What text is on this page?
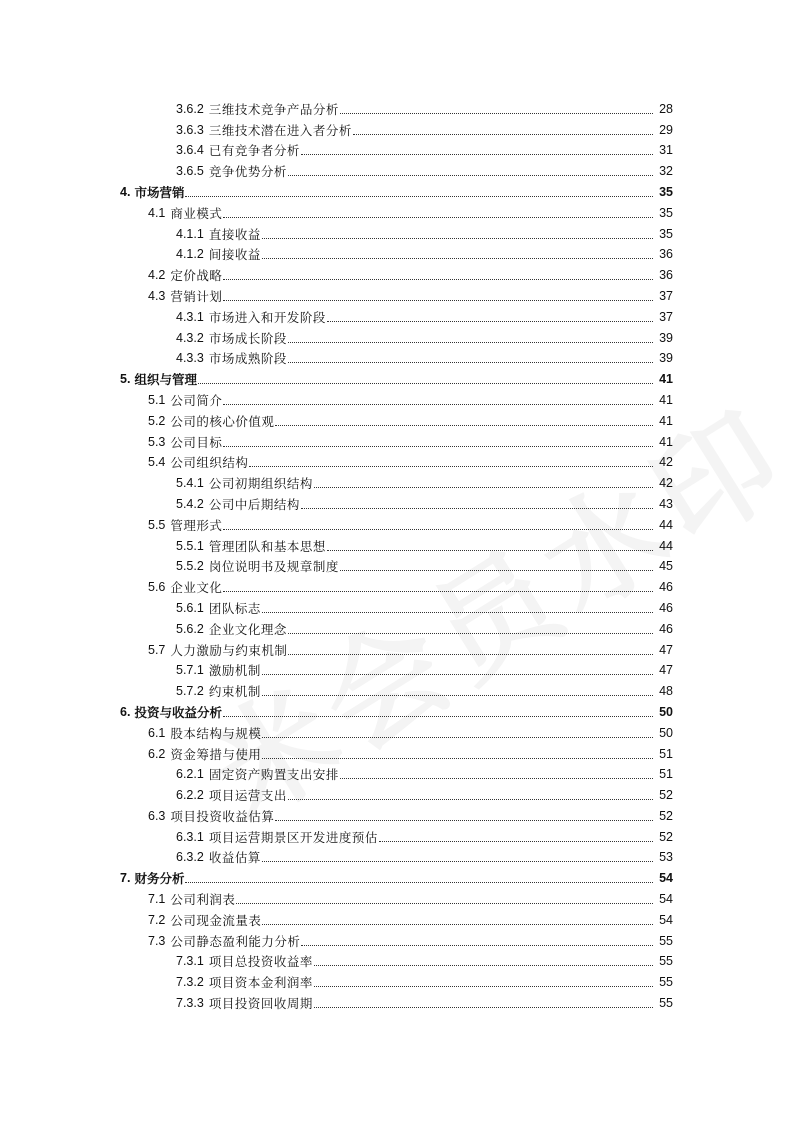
3.6.2 三维技术竞争产品分析	28
3.6.3 三维技术潜在进入者分析	29
3.6.4 已有竞争者分析	31
3.6.5 竞争优势分析	32
4. 市场营销	35
4.1 商业模式	35
4.1.1 直接收益	35
4.1.2 间接收益	36
4.2 定价战略	36
4.3 营销计划	37
4.3.1 市场进入和开发阶段	37
4.3.2 市场成长阶段	39
4.3.3 市场成熟阶段	39
5. 组织与管理	41
5.1 公司简介	41
5.2 公司的核心价值观	41
5.3 公司目标	41
5.4 公司组织结构	42
5.4.1 公司初期组织结构	42
5.4.2 公司中后期结构	43
5.5 管理形式	44
5.5.1 管理团队和基本思想	44
5.5.2 岗位说明书及规章制度	45
5.6 企业文化	46
5.6.1 团队标志	46
5.6.2 企业文化理念	46
5.7 人力激励与约束机制	47
5.7.1 激励机制	47
5.7.2 约束机制	48
6. 投资与收益分析	50
6.1 股本结构与规模	50
6.2 资金筹措与使用	51
6.2.1 固定资产购置支出安排	51
6.2.2 项目运营支出	52
6.3 项目投资收益估算	52
6.3.1 项目运营期景区开发进度预估	52
6.3.2 收益估算	53
7. 财务分析	54
7.1 公司利润表	54
7.2 公司现金流量表	54
7.3 公司静态盈利能力分析	55
7.3.1 项目总投资收益率	55
7.3.2 项目资本金利润率	55
7.3.3 项目投资回收周期	55
